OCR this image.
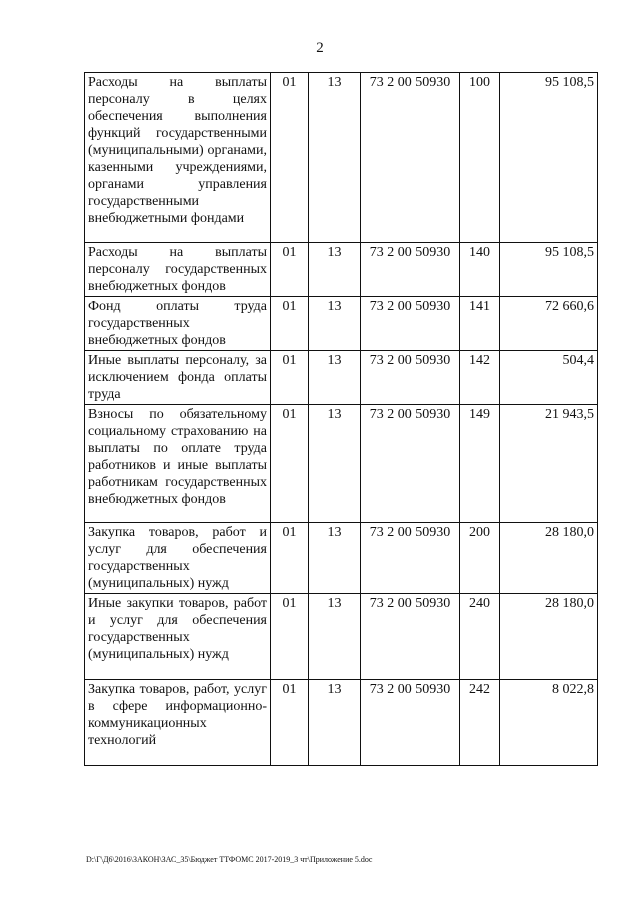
2
Расходы на выплаты персоналу в целях обеспечения выполнения функций государственными (муниципальными) органами, казенными учреждениями, органами управления государственными внебюджетными фондами	01	13	73 2 00 50930	100	95 108,5
Расходы на выплаты персоналу государственных внебюджетных фондов	01	13	73 2 00 50930	140	95 108,5
Фонд оплаты труда государственных внебюджетных фондов	01	13	73 2 00 50930	141	72 660,6
Иные выплаты персоналу, за исключением фонда оплаты труда	01	13	73 2 00 50930	142	504,4
Взносы по обязательному социальному страхованию на выплаты по оплате труда работников и иные выплаты работникам государственных внебюджетных фондов	01	13	73 2 00 50930	149	21 943,5
Закупка товаров, работ и услуг для обеспечения государственных (муниципальных) нужд	01	13	73 2 00 50930	200	28 180,0
Иные закупки товаров, работ и услуг для обеспечения государственных (муниципальных) нужд	01	13	73 2 00 50930	240	28 180,0
Закупка товаров, работ, услуг в сфере информационно-коммуникационных технологий	01	13	73 2 00 50930	242	8 022,8
D:\Г\Д6\2016\ЗАКОН\ЗАС_35\Бюджет ТТФОМС 2017-2019_3 чт\Приложение 5.doc
